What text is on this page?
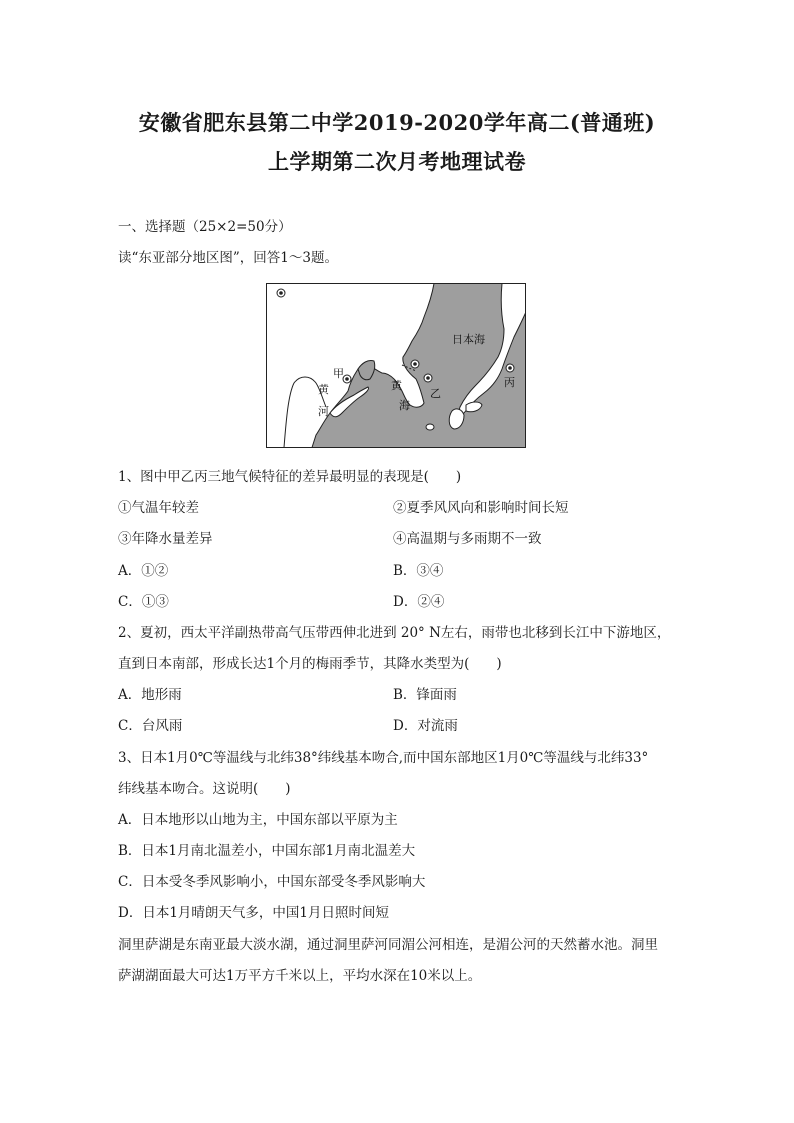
安徽省肥东县第二中学2019-2020学年高二(普通班)
上学期第二次月考地理试卷
一、选择题（25×2=50分）
读“东亚部分地区图”，回答1～3题。
日本海
甲
黄
河
黄
海
乙
丙
1、图中甲乙丙三地气候特征的差异最明显的表现是(　　)
①气温年较差	②夏季风风向和影响时间长短
③年降水量差异	④高温期与多雨期不一致
A．①②	B．③④
C．①③	D．②④
2、夏初，西太平洋副热带高气压带西伸北进到 20° N左右，雨带也北移到长江中下游地区，
直到日本南部，形成长达1个月的梅雨季节，其降水类型为(　　)
A．地形雨	B．锋面雨
C．台风雨	D．对流雨
3、日本1月0℃等温线与北纬38°纬线基本吻合,而中国东部地区1月0℃等温线与北纬33°
纬线基本吻合。这说明(　　)
A．日本地形以山地为主，中国东部以平原为主
B．日本1月南北温差小，中国东部1月南北温差大
C．日本受冬季风影响小，中国东部受冬季风影响大
D．日本1月晴朗天气多，中国1月日照时间短
洞里萨湖是东南亚最大淡水湖，通过洞里萨河同湄公河相连，是湄公河的天然蓄水池。洞里
萨湖湖面最大可达1万平方千米以上，平均水深在10米以上。
